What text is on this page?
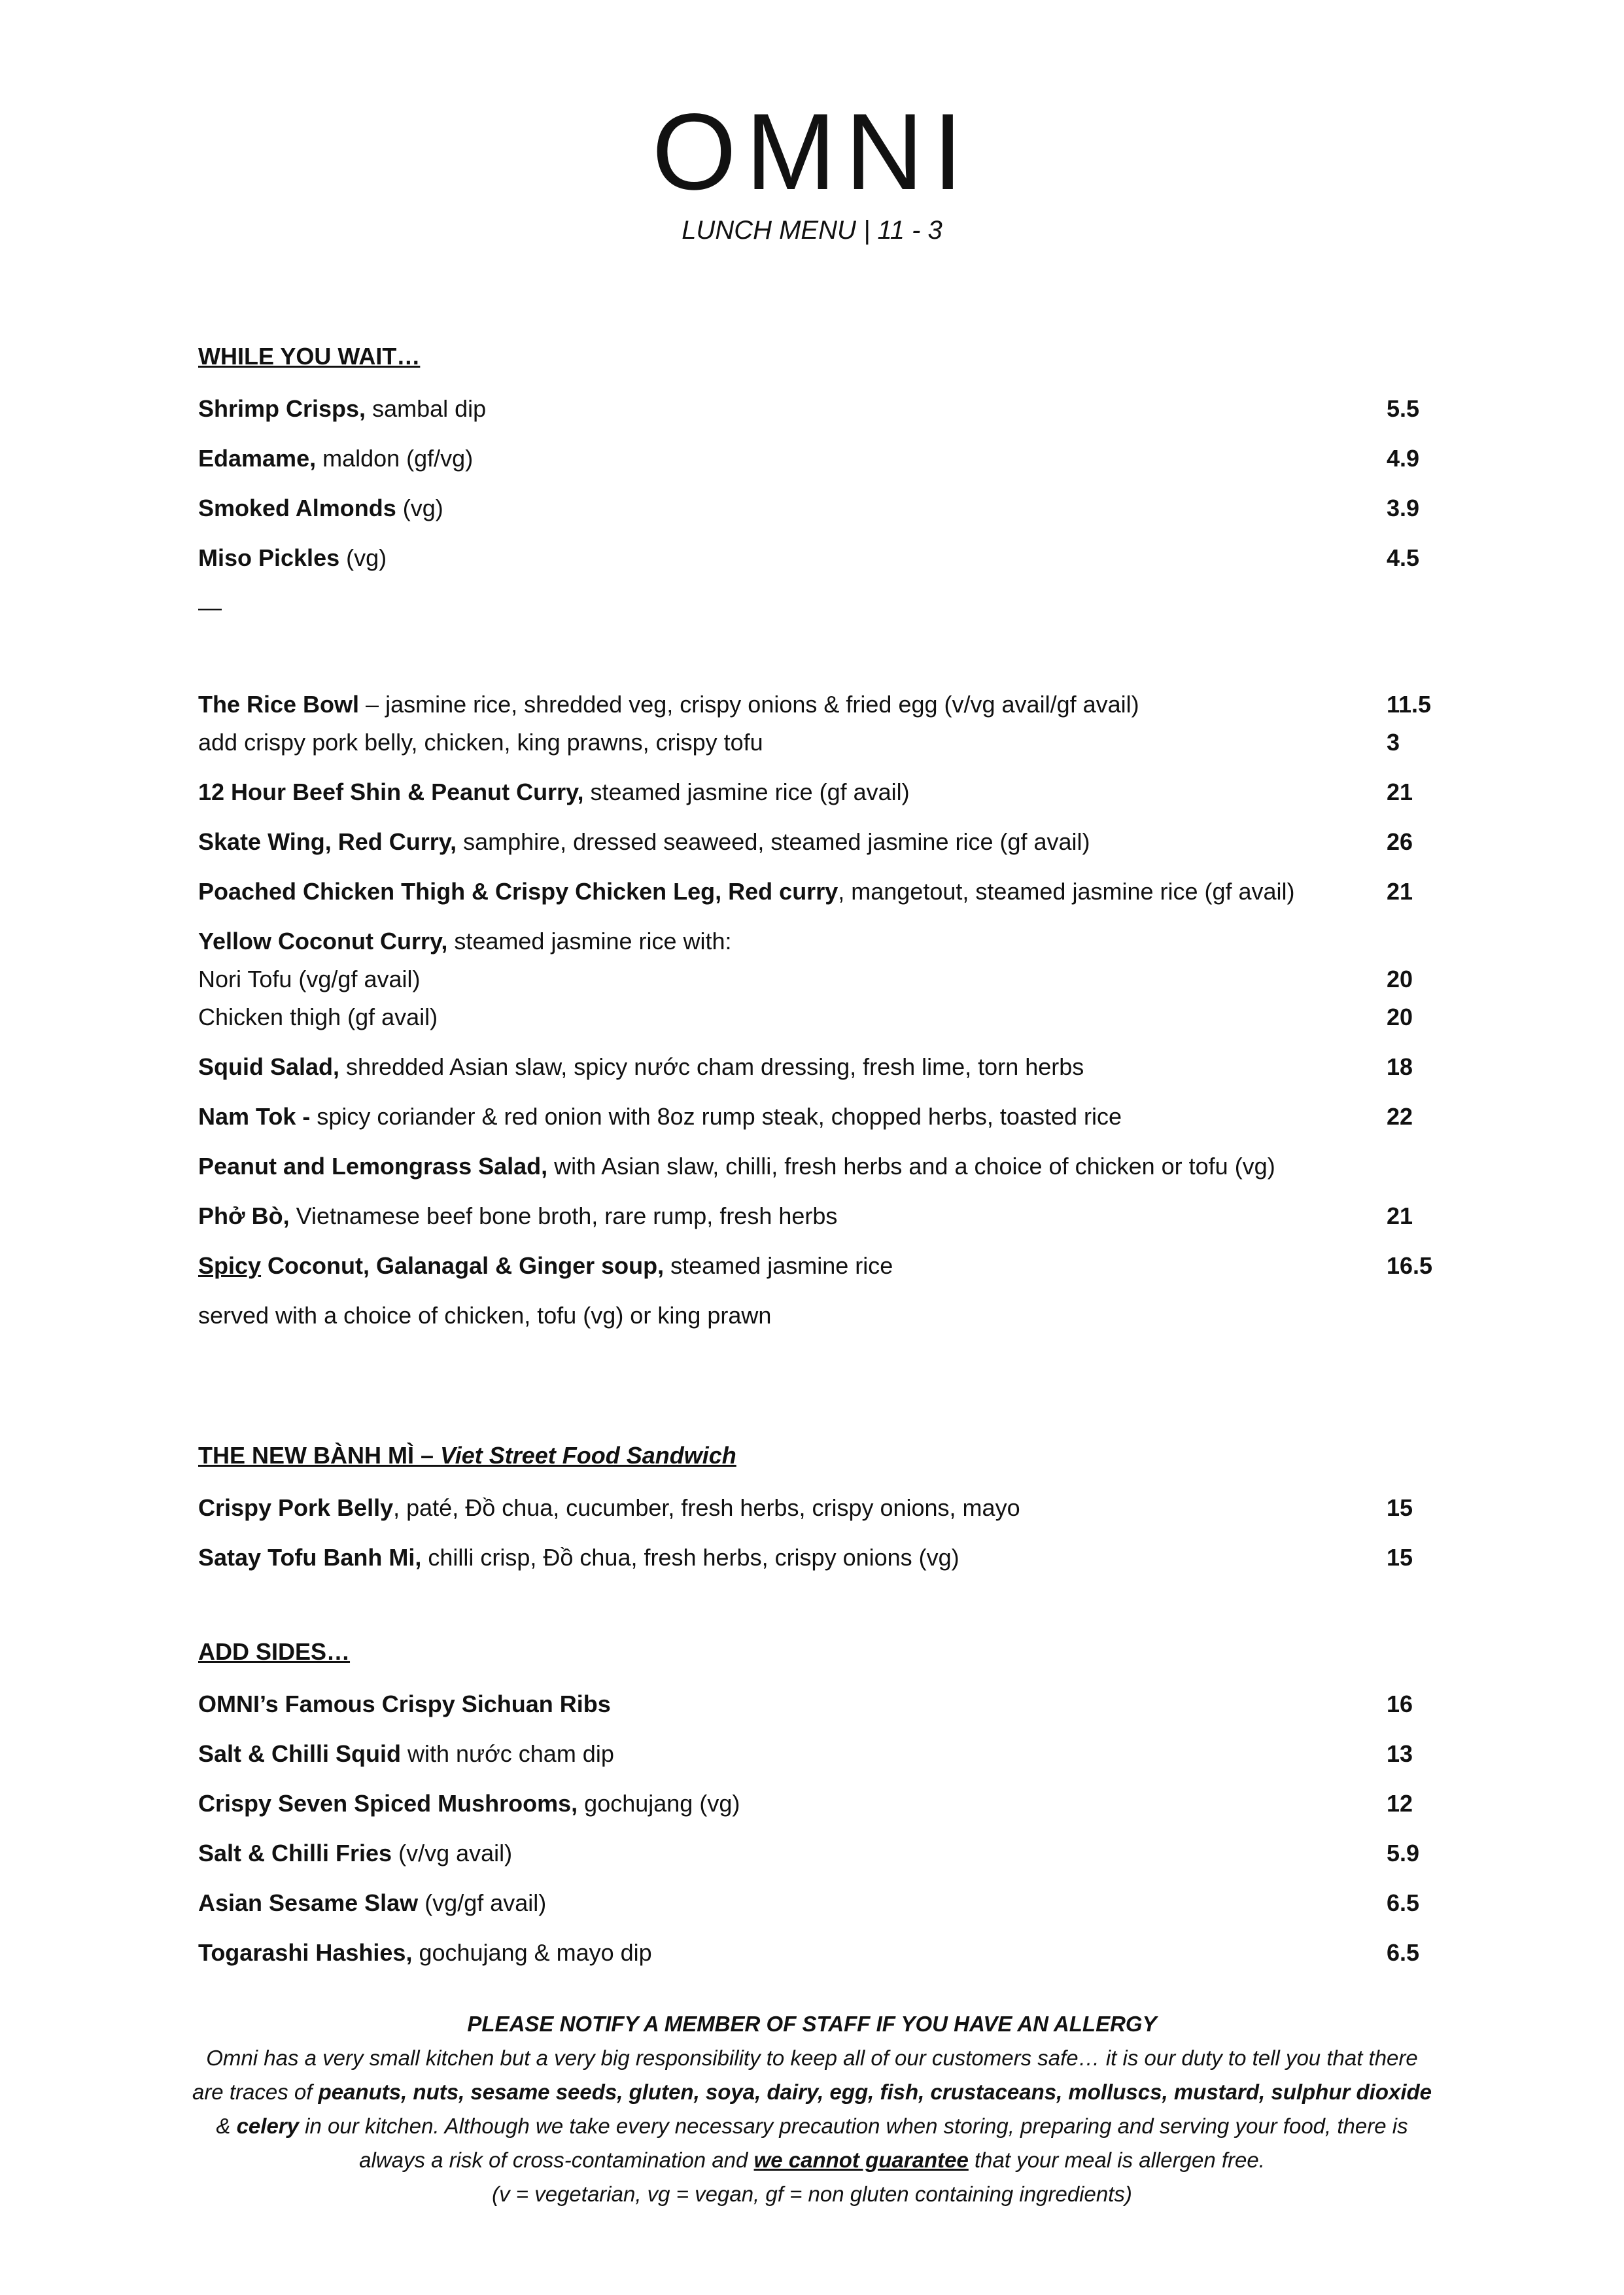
OMNI
LUNCH MENU | 11 - 3
WHILE YOU WAIT…
Shrimp Crisps, sambal dip	5.5
Edamame, maldon (gf/vg)	4.9
Smoked Almonds (vg)	3.9
Miso Pickles (vg)	4.5
—
The Rice Bowl – jasmine rice, shredded veg, crispy onions & fried egg (v/vg avail/gf avail)	11.5
add crispy pork belly, chicken, king prawns, crispy tofu	3
12 Hour Beef Shin & Peanut Curry, steamed jasmine rice (gf avail)	21
Skate Wing, Red Curry, samphire, dressed seaweed, steamed jasmine rice (gf avail)	26
Poached Chicken Thigh & Crispy Chicken Leg, Red curry, mangetout, steamed jasmine rice (gf avail)	21
Yellow Coconut Curry, steamed jasmine rice with:
Nori Tofu (vg/gf avail)	20
Chicken thigh (gf avail)	20
Squid Salad, shredded Asian slaw, spicy nước cham dressing, fresh lime, torn herbs	18
Nam Tok - spicy coriander & red onion with 8oz rump steak, chopped herbs, toasted rice	22
Peanut and Lemongrass Salad, with Asian slaw, chilli, fresh herbs and a choice of chicken or tofu (vg)
Phở Bò, Vietnamese beef bone broth, rare rump, fresh herbs	21
Spicy Coconut, Galanagal & Ginger soup, steamed jasmine rice	16.5
served with a choice of chicken, tofu (vg) or king prawn
THE NEW BÀNH MÌ – Viet Street Food Sandwich
Crispy Pork Belly, paté, Đồ chua, cucumber, fresh herbs, crispy onions, mayo	15
Satay Tofu Banh Mi, chilli crisp, Đồ chua, fresh herbs, crispy onions (vg)	15
ADD SIDES…
OMNI’s Famous Crispy Sichuan Ribs	16
Salt & Chilli Squid with nước cham dip	13
Crispy Seven Spiced Mushrooms, gochujang (vg)	12
Salt & Chilli Fries (v/vg avail)	5.9
Asian Sesame Slaw (vg/gf avail)	6.5
Togarashi Hashies, gochujang & mayo dip	6.5
PLEASE NOTIFY A MEMBER OF STAFF IF YOU HAVE AN ALLERGY
Omni has a very small kitchen but a very big responsibility to keep all of our customers safe… it is our duty to tell you that there are traces of peanuts, nuts, sesame seeds, gluten, soya, dairy, egg, fish, crustaceans, molluscs, mustard, sulphur dioxide & celery in our kitchen. Although we take every necessary precaution when storing, preparing and serving your food, there is always a risk of cross-contamination and we cannot guarantee that your meal is allergen free.
(v = vegetarian, vg = vegan, gf = non gluten containing ingredients)
